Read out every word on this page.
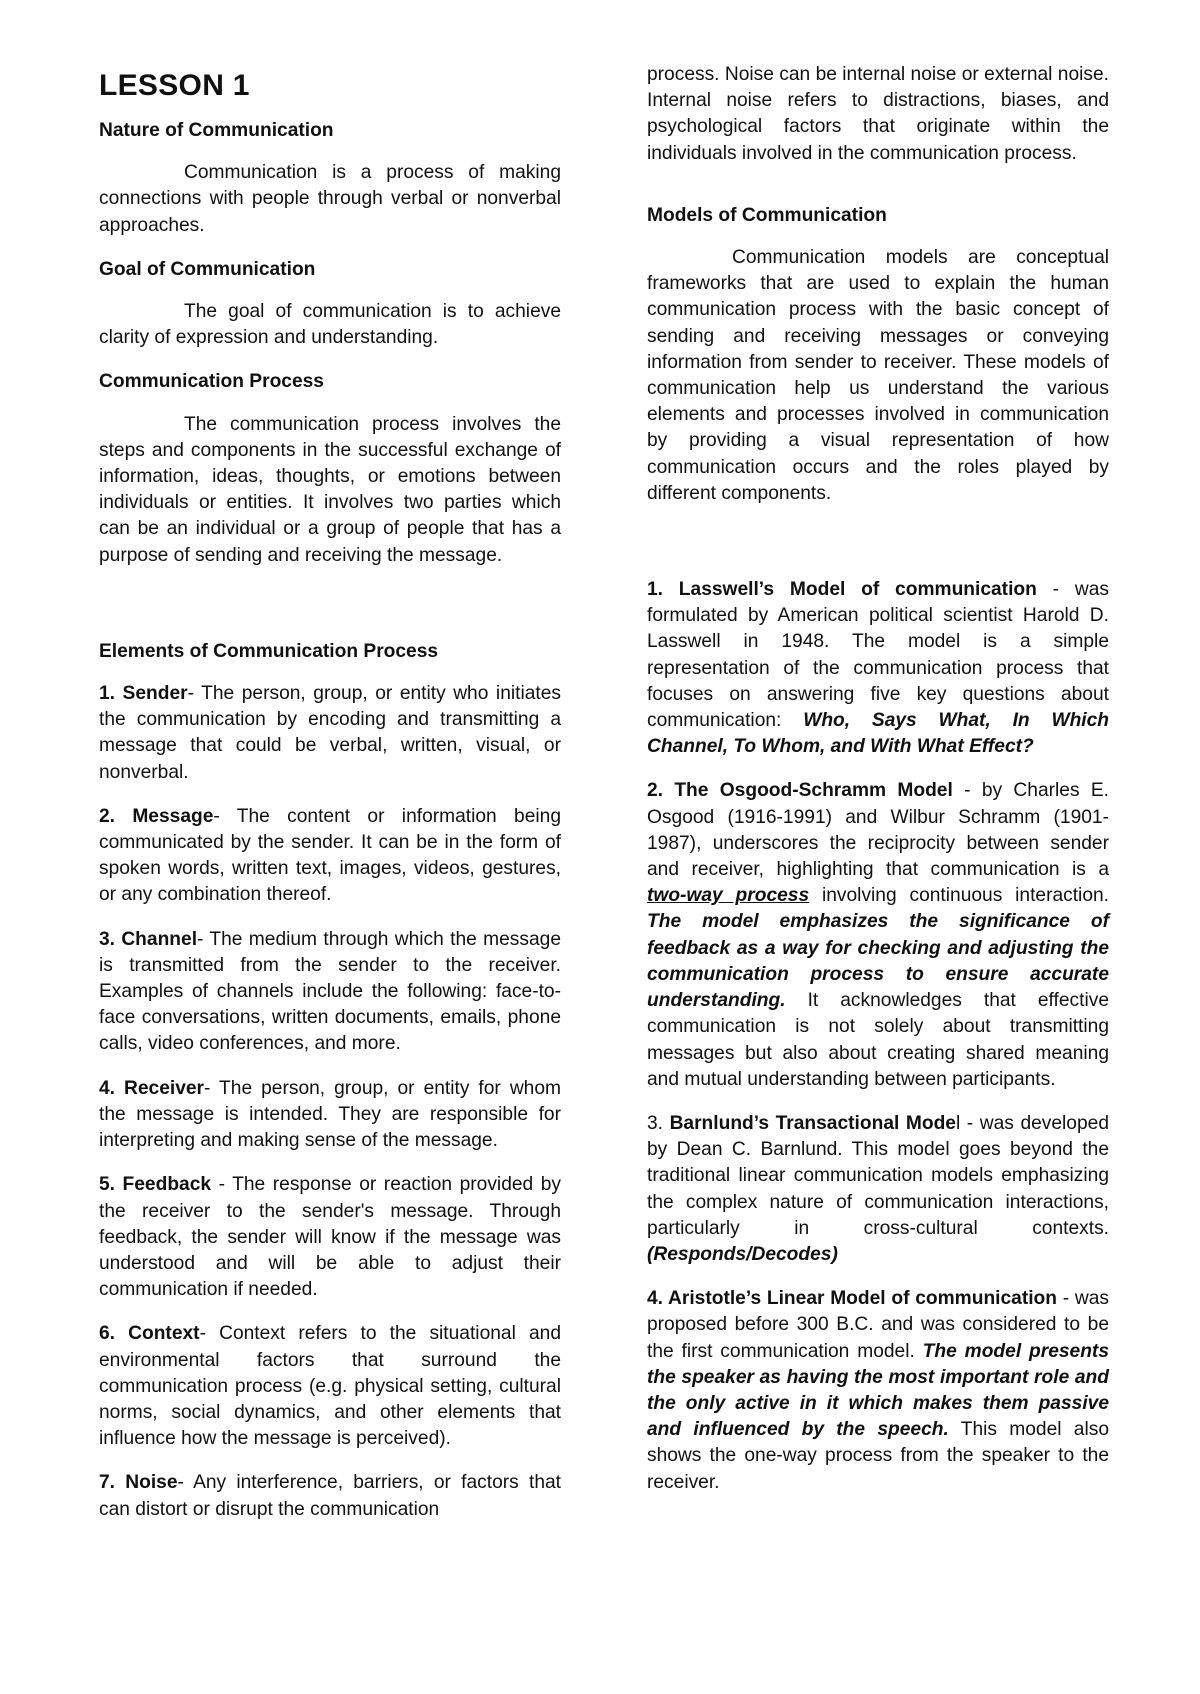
LESSON 1
Nature of Communication
Communication is a process of making connections with people through verbal or nonverbal approaches.
Goal of Communication
The goal of communication is to achieve clarity of expression and understanding.
Communication Process
The communication process involves the steps and components in the successful exchange of information, ideas, thoughts, or emotions between individuals or entities. It involves two parties which can be an individual or a group of people that has a purpose of sending and receiving the message.
Elements of Communication Process
1. Sender- The person, group, or entity who initiates the communication by encoding and transmitting a message that could be verbal, written, visual, or nonverbal.
2. Message- The content or information being communicated by the sender. It can be in the form of spoken words, written text, images, videos, gestures, or any combination thereof.
3. Channel- The medium through which the message is transmitted from the sender to the receiver. Examples of channels include the following: face-to-face conversations, written documents, emails, phone calls, video conferences, and more.
4. Receiver- The person, group, or entity for whom the message is intended. They are responsible for interpreting and making sense of the message.
5. Feedback - The response or reaction provided by the receiver to the sender's message. Through feedback, the sender will know if the message was understood and will be able to adjust their communication if needed.
6. Context- Context refers to the situational and environmental factors that surround the communication process (e.g. physical setting, cultural norms, social dynamics, and other elements that influence how the message is perceived).
7. Noise- Any interference, barriers, or factors that can distort or disrupt the communication
process. Noise can be internal noise or external noise. Internal noise refers to distractions, biases, and psychological factors that originate within the individuals involved in the communication process.
Models of Communication
Communication models are conceptual frameworks that are used to explain the human communication process with the basic concept of sending and receiving messages or conveying information from sender to receiver. These models of communication help us understand the various elements and processes involved in communication by providing a visual representation of how communication occurs and the roles played by different components.
1. Lasswell’s Model of communication - was formulated by American political scientist Harold D. Lasswell in 1948. The model is a simple representation of the communication process that focuses on answering five key questions about communication: Who, Says What, In Which Channel, To Whom, and With What Effect?
2. The Osgood-Schramm Model - by Charles E. Osgood (1916-1991) and Wilbur Schramm (1901-1987), underscores the reciprocity between sender and receiver, highlighting that communication is a two-way process involving continuous interaction. The model emphasizes the significance of feedback as a way for checking and adjusting the communication process to ensure accurate understanding. It acknowledges that effective communication is not solely about transmitting messages but also about creating shared meaning and mutual understanding between participants.
3. Barnlund’s Transactional Model - was developed by Dean C. Barnlund. This model goes beyond the traditional linear communication models emphasizing the complex nature of communication interactions, particularly in cross-cultural contexts. (Responds/Decodes)
4. Aristotle’s Linear Model of communication - was proposed before 300 B.C. and was considered to be the first communication model. The model presents the speaker as having the most important role and the only active in it which makes them passive and influenced by the speech. This model also shows the one-way process from the speaker to the receiver.
